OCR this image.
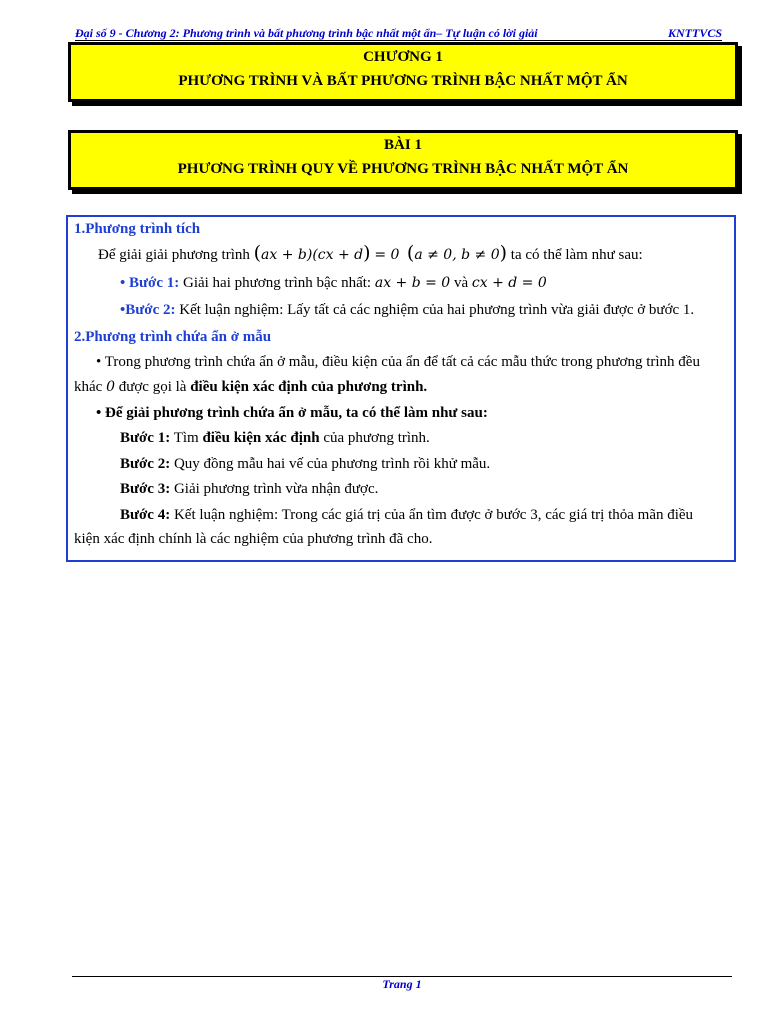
Đại số 9 - Chương 2: Phương trình và bất phương trình bậc nhất một ẩn– Tự luận có lời giải	KNTTVCS
CHƯƠNG 1
PHƯƠNG TRÌNH VÀ BẤT PHƯƠNG TRÌNH BẬC NHẤT MỘT ẨN
BÀI 1
PHƯƠNG TRÌNH QUY VỀ PHƯƠNG TRÌNH BẬC NHẤT MỘT ẨN
1.Phương trình tích
Để giải giải phương trình (ax + b)(cx + d) = 0 (a ≠ 0, b ≠ 0) ta có thể làm như sau:
• Bước 1: Giải hai phương trình bậc nhất: ax + b = 0 và cx + d = 0
•Bước 2: Kết luận nghiệm: Lấy tất cả các nghiệm của hai phương trình vừa giải được ở bước 1.
2.Phương trình chứa ẩn ở mẫu
• Trong phương trình chứa ẩn ở mẫu, điều kiện của ẩn để tất cả các mẫu thức trong phương trình đều
khác 0 được gọi là điều kiện xác định của phương trình.
• Để giải phương trình chứa ẩn ở mẫu, ta có thể làm như sau:
Bước 1: Tìm điều kiện xác định của phương trình.
Bước 2: Quy đồng mẫu hai vế của phương trình rồi khử mẫu.
Bước 3: Giải phương trình vừa nhận được.
Bước 4: Kết luận nghiệm: Trong các giá trị của ẩn tìm được ở bước 3, các giá trị thỏa mãn điều
kiện xác định chính là các nghiệm của phương trình đã cho.
Trang 1
